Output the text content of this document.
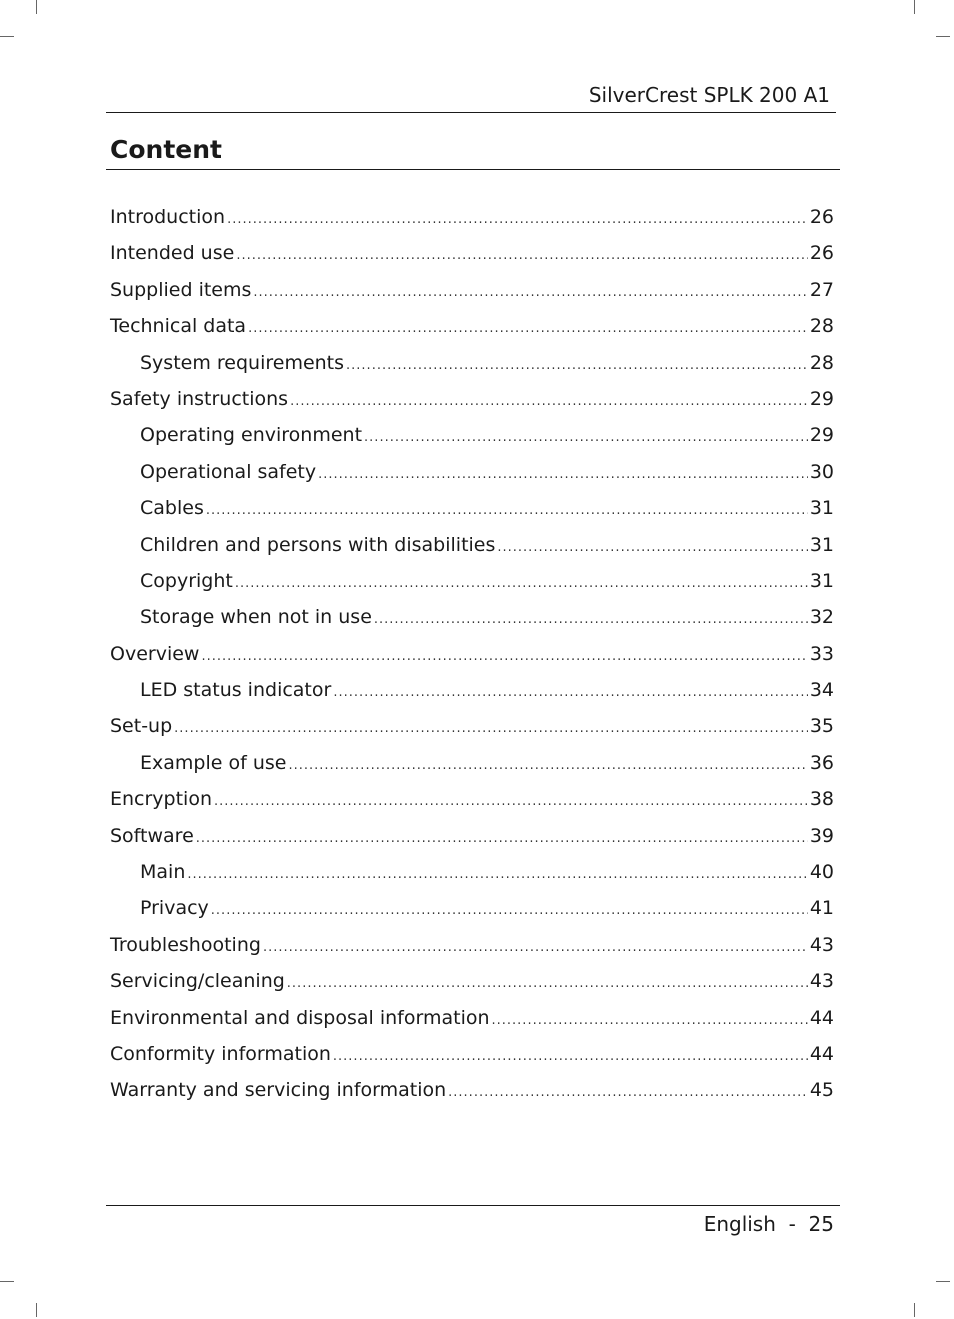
SilverCrest SPLK 200 A1
Content
Introduction .....	26
Intended use .....	26
Supplied items .....	27
Technical data .....	28
System requirements .....	28
Safety instructions .....	29
Operating environment .....	29
Operational safety .....	30
Cables .....	31
Children and persons with disabilities .....	31
Copyright .....	31
Storage when not in use .....	32
Overview .....	33
LED status indicator .....	34
Set-up .....	35
Example of use .....	36
Encryption .....	38
Software .....	39
Main .....	40
Privacy .....	41
Troubleshooting .....	43
Servicing/cleaning .....	43
Environmental and disposal information .....	44
Conformity information .....	44
Warranty and servicing information .....	45
English  -  25
